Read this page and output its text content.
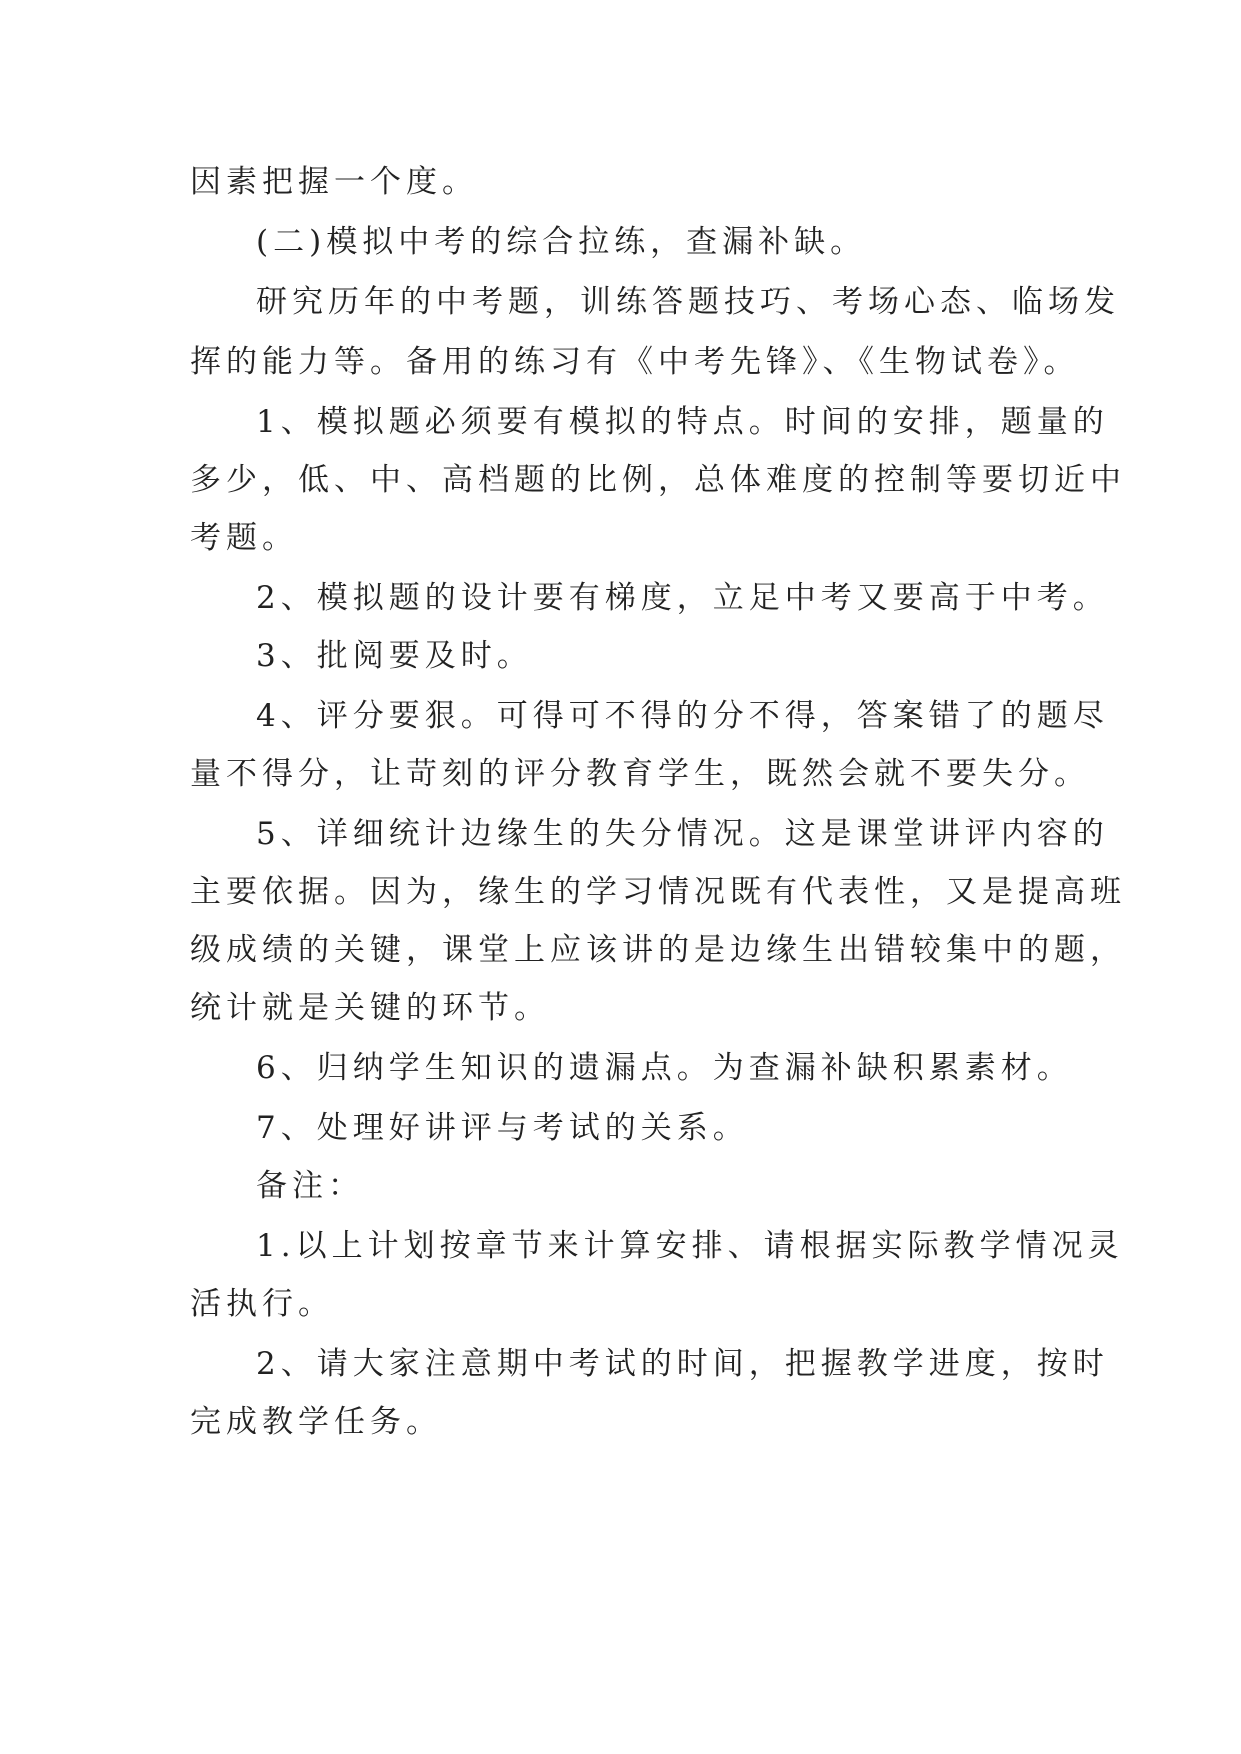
因素把握一个度。
(二)模拟中考的综合拉练，查漏补缺。
研究历年的中考题，训练答题技巧、考场心态、临场发
挥的能力等。备用的练习有《中考先锋》、《生物试卷》。
1、模拟题必须要有模拟的特点。时间的安排，题量的
多少，低、中、高档题的比例，总体难度的控制等要切近中
考题。
2、模拟题的设计要有梯度，立足中考又要高于中考。
3、批阅要及时。
4、评分要狠。可得可不得的分不得，答案错了的题尽
量不得分，让苛刻的评分教育学生，既然会就不要失分。
5、详细统计边缘生的失分情况。这是课堂讲评内容的
主要依据。因为，缘生的学习情况既有代表性，又是提高班
级成绩的关键，课堂上应该讲的是边缘生出错较集中的题，
统计就是关键的环节。
6、归纳学生知识的遗漏点。为查漏补缺积累素材。
7、处理好讲评与考试的关系。
备注：
1.以上计划按章节来计算安排、请根据实际教学情况灵
活执行。
2、请大家注意期中考试的时间，把握教学进度，按时
完成教学任务。
